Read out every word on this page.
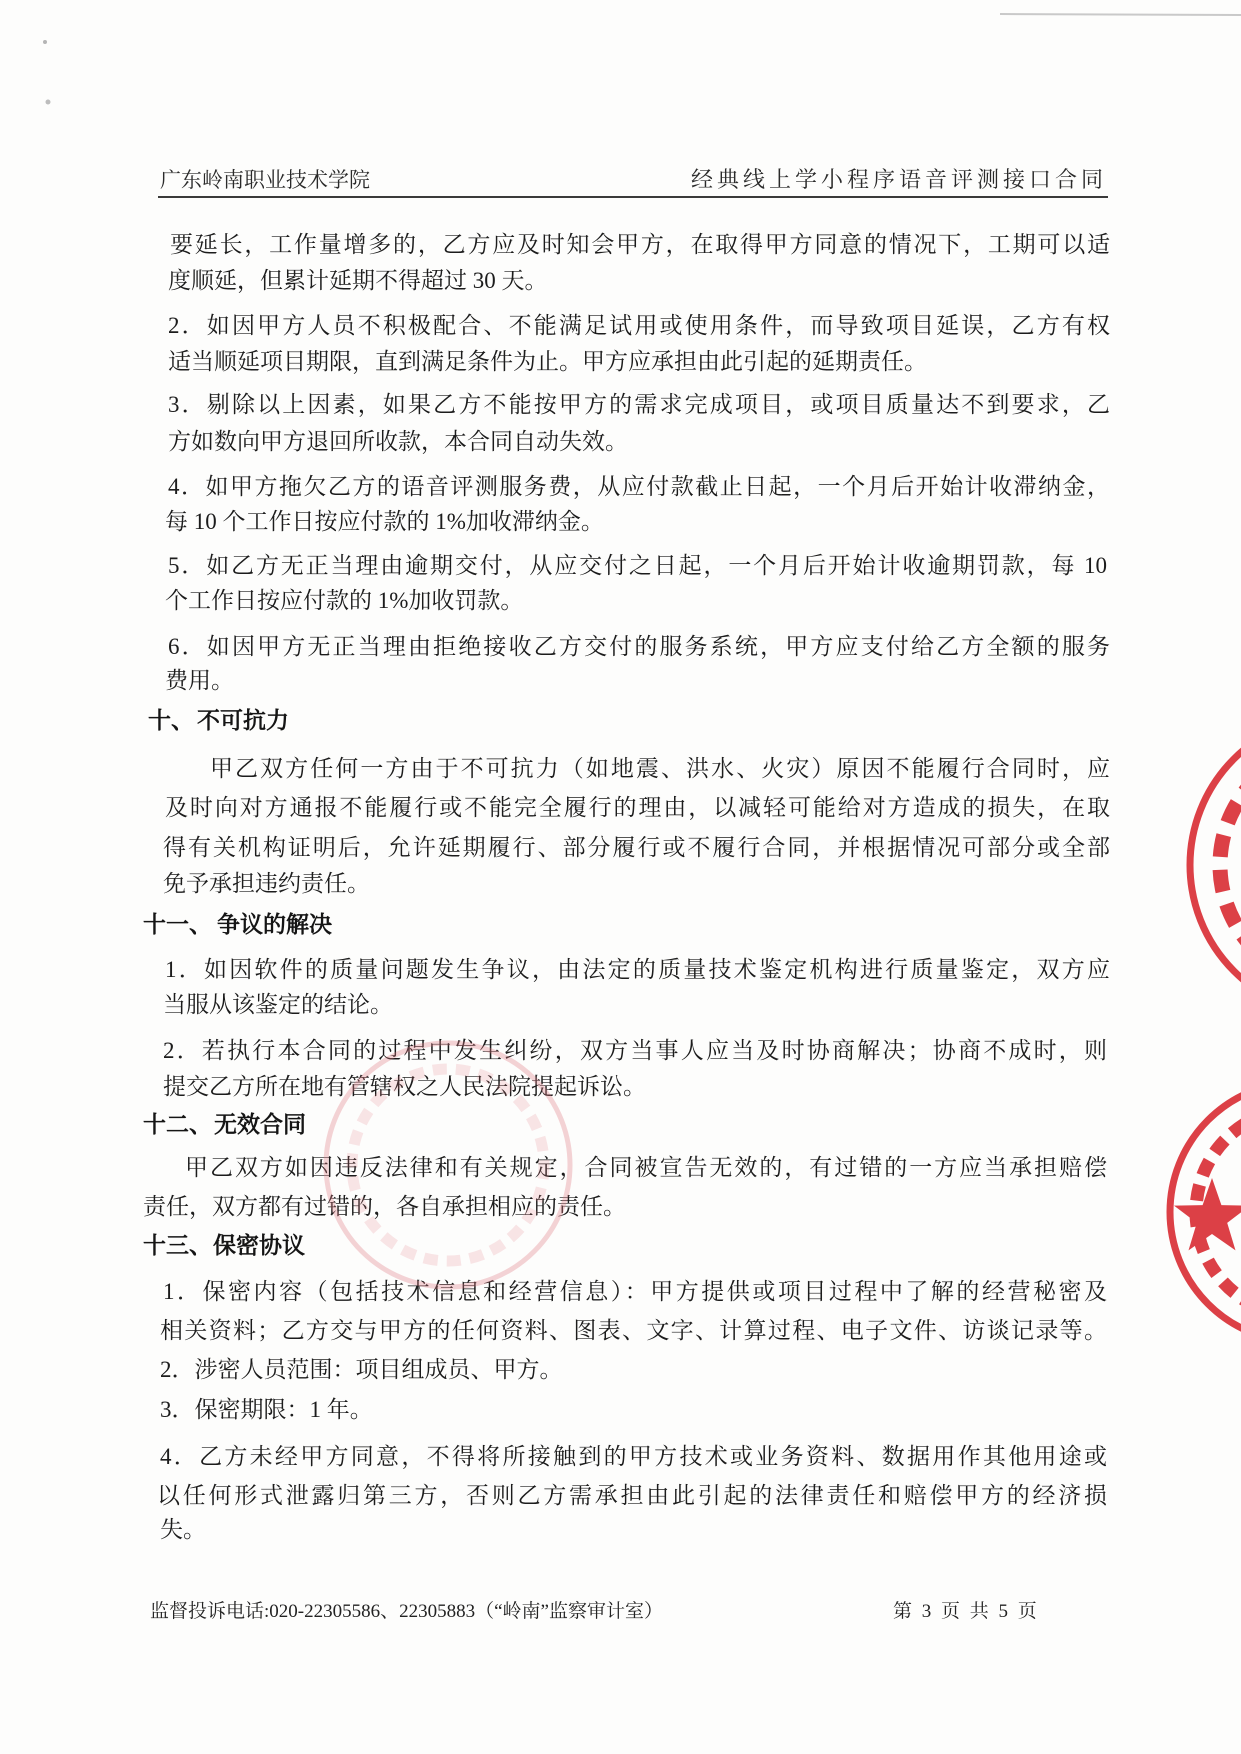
广东岭南职业技术学院	经典线上学小程序语音评测接口合同
要延长，工作量增多的，乙方应及时知会甲方，在取得甲方同意的情况下，工期可以适
度顺延，但累计延期不得超过 30 天。
2．如因甲方人员不积极配合、不能满足试用或使用条件，而导致项目延误，乙方有权
适当顺延项目期限，直到满足条件为止。甲方应承担由此引起的延期责任。
3．剔除以上因素，如果乙方不能按甲方的需求完成项目，或项目质量达不到要求，乙
方如数向甲方退回所收款，本合同自动失效。
4．如甲方拖欠乙方的语音评测服务费，从应付款截止日起，一个月后开始计收滞纳金，
每 10 个工作日按应付款的 1%加收滞纳金。
5．如乙方无正当理由逾期交付，从应交付之日起，一个月后开始计收逾期罚款，每 10
个工作日按应付款的 1%加收罚款。
6．如因甲方无正当理由拒绝接收乙方交付的服务系统，甲方应支付给乙方全额的服务
费用。
十、 不可抗力
甲乙双方任何一方由于不可抗力（如地震、洪水、火灾）原因不能履行合同时，应
及时向对方通报不能履行或不能完全履行的理由，以减轻可能给对方造成的损失，在取
得有关机构证明后，允许延期履行、部分履行或不履行合同，并根据情况可部分或全部
免予承担违约责任。
十一、 争议的解决
1．如因软件的质量问题发生争议，由法定的质量技术鉴定机构进行质量鉴定，双方应
当服从该鉴定的结论。
2．若执行本合同的过程中发生纠纷，双方当事人应当及时协商解决；协商不成时，则
提交乙方所在地有管辖权之人民法院提起诉讼。
十二、 无效合同
甲乙双方如因违反法律和有关规定，合同被宣告无效的，有过错的一方应当承担赔偿
责任，双方都有过错的，各自承担相应的责任。
十三、 保密协议
1．保密内容（包括技术信息和经营信息）：甲方提供或项目过程中了解的经营秘密及
相关资料；乙方交与甲方的任何资料、图表、文字、计算过程、电子文件、访谈记录等。
2．涉密人员范围：项目组成员、甲方。
3．保密期限：1 年。
4．乙方未经甲方同意，不得将所接触到的甲方技术或业务资料、数据用作其他用途或
以任何形式泄露归第三方，否则乙方需承担由此引起的法律责任和赔偿甲方的经济损
失。
监督投诉电话:020-22305586、22305883（“岭南”监察审计室）	第 3 页 共 5 页
